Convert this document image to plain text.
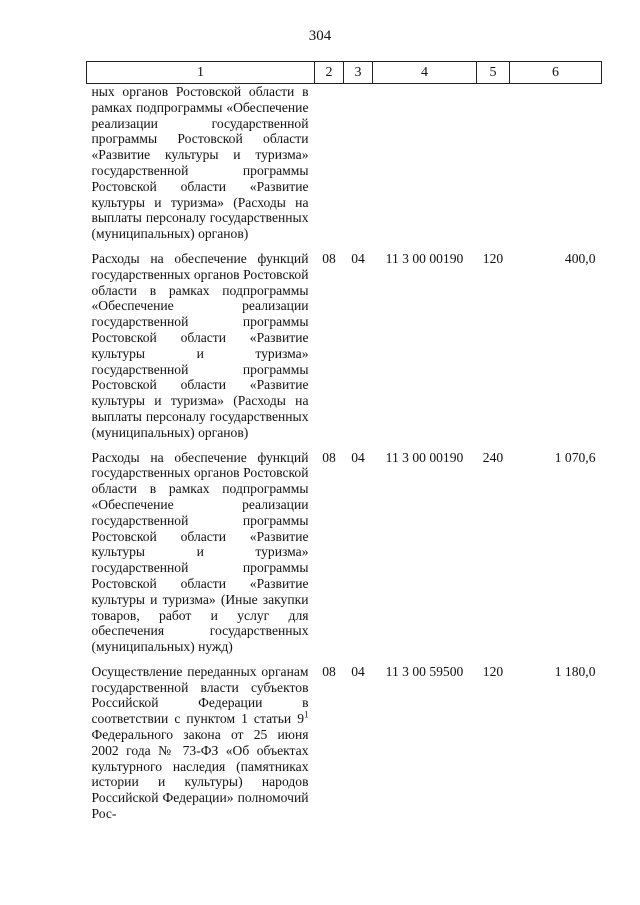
304
1	2	3	4	5	6
ных органов Ростовской области в рамках подпрограммы «Обеспечение реализации государственной программы Ростовской области «Развитие культуры и туризма» государственной программы Ростовской области «Развитие культуры и туризма» (Расходы на выплаты персоналу государственных (муниципальных) органов)					
Расходы на обеспечение функций государственных органов Ростовской области в рамках подпрограммы «Обеспечение реализации государственной программы Ростовской области «Развитие культуры и туризма» государственной программы Ростовской области «Развитие культуры и туризма» (Расходы на выплаты персоналу государственных (муниципальных) органов)	08	04	11 3 00 00190	120	400,0
Расходы на обеспечение функций государственных органов Ростовской области в рамках подпрограммы «Обеспечение реализации государственной программы Ростовской области «Развитие культуры и туризма» государственной программы Ростовской области «Развитие культуры и туризма» (Иные закупки товаров, работ и услуг для обеспечения государственных (муниципальных) нужд)	08	04	11 3 00 00190	240	1 070,6
Осуществление переданных органам государственной власти субъектов Российской Федерации в соответствии с пунктом 1 статьи $9^1$ Федерального закона от 25 июня 2002 года № 73-ФЗ «Об объектах культурного наследия (памятниках истории и культуры) народов Российской Федерации» полномочий Рос-	08	04	11 3 00 59500	120	1 180,0
